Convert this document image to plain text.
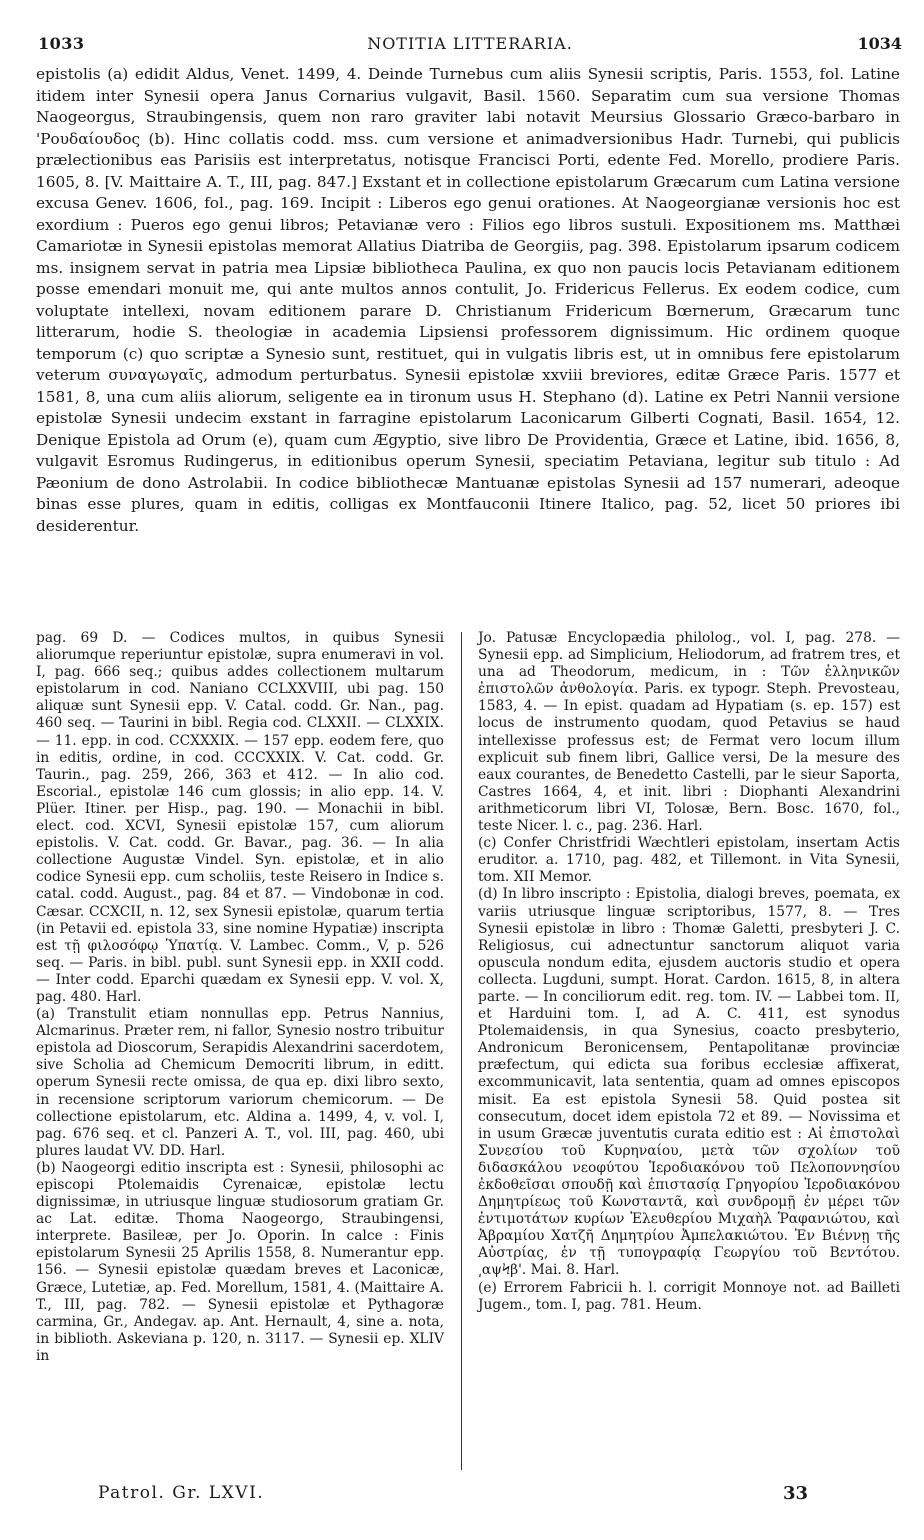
1033	NOTITIA LITTERARIA.	1034

epistolis (a) edidit Aldus, Venet. 1499, 4. Deinde Turnebus cum aliis Synesii scriptis, Paris. 1553, fol. Latine itidem inter Synesii opera Janus Cornarius vulgavit, Basil. 1560. Separatim cum sua versione Thomas Naogeorgus, Straubingensis, quem non raro graviter labi notavit Meursius Glossario Græco-barbaro in 'Ρουδαίουδος (b). Hinc collatis codd. mss. cum versione et animadversionibus Hadr. Turnebi, qui publicis prælectionibus eas Parisiis est interpretatus, notisque Francisci Porti, edente Fed. Morello, prodiere Paris. 1605, 8. [V. Maittaire A. T., III, pag. 847.] Exstant et in collectione epistolarum Græcarum cum Latina versione excusa Genev. 1606, fol., pag. 169. Incipit : Liberos ego genui orationes. At Naogeorgianæ versionis hoc est exordium : Pueros ego genui libros; Petavianæ vero : Filios ego libros sustuli. Expositionem ms. Matthæi Camariotæ in Synesii epistolas memorat Allatius Diatriba de Georgiis, pag. 398. Epistolarum ipsarum codicem ms. insignem servat in patria mea Lipsiæ bibliotheca Paulina, ex quo non paucis locis Petavianam editionem posse emendari monuit me, qui ante multos annos contulit, Jo. Fridericus Fellerus. Ex eodem codice, cum voluptate intellexi, novam editionem parare D. Christianum Fridericum Bœrnerum, Græcarum tunc litterarum, hodie S. theologiæ in academia Lipsiensi professorem dignissimum. Hic ordinem quoque temporum (c) quo scriptæ a Synesio sunt, restituet, qui in vulgatis libris est, ut in omnibus fere epistolarum veterum συναγωγαῖς, admodum perturbatus. Synesii epistolæ xxviii breviores, editæ Græce Paris. 1577 et 1581, 8, una cum aliis aliorum, seligente ea in tironum usus H. Stephano (d). Latine ex Petri Nannii versione epistolæ Synesii undecim exstant in farragine epistolarum Laconicarum Gilberti Cognati, Basil. 1654, 12. Denique Epistola ad Orum (e), quam cum Ægyptio, sive libro De Providentia, Græce et Latine, ibid. 1656, 8, vulgavit Esromus Rudingerus, in editionibus operum Synesii, speciatim Petaviana, legitur sub titulo : Ad Pæonium de dono Astrolabii. In codice bibliothecæ Mantuanæ epistolas Synesii ad 157 numerari, adeoque binas esse plures, quam in editis, colligas ex Montfauconii Itinere Italico, pag. 52, licet 50 priores ibi desiderentur.

pag. 69 D. — Codices multos, in quibus Synesii aliorumque reperiuntur epistolæ, supra enumeravi in vol. I, pag. 666 seq.; quibus addes collectionem multarum epistolarum in cod. Naniano CCLXXVIII, ubi pag. 150 aliquæ sunt Synesii epp. V. Catal. codd. Gr. Nan., pag. 460 seq. — Taurini in bibl. Regia cod. CLXXII. — CLXXIX. — 11. epp. in cod. CCXXXIX. — 157 epp. eodem fere, quo in editis, ordine, in cod. CCCXXIX. V. Cat. codd. Gr. Taurin., pag. 259, 266, 363 et 412. — In alio cod. Escorial., epistolæ 146 cum glossis; in alio epp. 14. V. Plüer. Itiner. per Hisp., pag. 190. — Monachii in bibl. elect. cod. XCVI, Synesii epistolæ 157, cum aliorum epistolis. V. Cat. codd. Gr. Bavar., pag. 36. — In alia collectione Augustæ Vindel. Syn. epistolæ, et in alio codice Synesii epp. cum scholiis, teste Reisero in Indice s. catal. codd. August., pag. 84 et 87. — Vindobonæ in cod. Cæsar. CCXCII, n. 12, sex Synesii epistolæ, quarum tertia (in Petavii ed. epistola 33, sine nomine Hypatiæ) inscripta est τῇ φιλοσόφῳ Ὑπατίᾳ. V. Lambec. Comm., V, p. 526 seq. — Paris. in bibl. publ. sunt Synesii epp. in XXII codd. — Inter codd. Eparchi quædam ex Synesii epp. V. vol. X, pag. 480. Harl.

(a) Transtulit etiam nonnullas epp. Petrus Nannius, Alcmarinus. Præter rem, ni fallor, Synesio nostro tribuitur epistola ad Dioscorum, Serapidis Alexandrini sacerdotem, sive Scholia ad Chemicum Democriti librum, in editt. operum Synesii recte omissa, de qua ep. dixi libro sexto, in recensione scriptorum variorum chemicorum. — De collectione epistolarum, etc. Aldina a. 1499, 4, v. vol. I, pag. 676 seq. et cl. Panzeri A. T., vol. III, pag. 460, ubi plures laudat VV. DD. Harl.

(b) Naogeorgi editio inscripta est : Synesii, philosophi ac episcopi Ptolemaidis Cyrenaicæ, epistolæ lectu dignissimæ, in utriusque linguæ studiosorum gratiam Gr. ac Lat. editæ. Thoma Naogeorgo, Straubingensi, interprete. Basileæ, per Jo. Oporin. In calce : Finis epistolarum Synesii 25 Aprilis 1558, 8. Numerantur epp. 156. — Synesii epistolæ quædam breves et Laconicæ, Græce, Lutetiæ, ap. Fed. Morellum, 1581, 4. (Maittaire A. T., III, pag. 782. — Synesii epistolæ et Pythagoræ carmina, Gr., Andegav. ap. Ant. Hernault, 4, sine a. nota, in biblioth. Askeviana p. 120, n. 3117. — Synesii ep. XLIV in

Jo. Patusæ Encyclopædia philolog., vol. I, pag. 278. — Synesii epp. ad Simplicium, Heliodorum, ad fratrem tres, et una ad Theodorum, medicum, in : Τῶν ἑλληνικῶν ἐπιστολῶν ἀνθολογία. Paris. ex typogr. Steph. Prevosteau, 1583, 4. — In epist. quadam ad Hypatiam (s. ep. 157) est locus de instrumento quodam, quod Petavius se haud intellexisse professus est; de Fermat vero locum illum explicuit sub finem libri, Gallice versi, De la mesure des eaux courantes, de Benedetto Castelli, par le sieur Saporta, Castres 1664, 4, et init. libri : Diophanti Alexandrini arithmeticorum libri VI, Tolosæ, Bern. Bosc. 1670, fol., teste Nicer. l. c., pag. 236. Harl.

(c) Confer Christfridi Wæchtleri epistolam, insertam Actis eruditor. a. 1710, pag. 482, et Tillemont. in Vita Synesii, tom. XII Memor.

(d) In libro inscripto : Epistolia, dialogi breves, poemata, ex variis utriusque linguæ scriptoribus, 1577, 8. — Tres Synesii epistolæ in libro : Thomæ Galetti, presbyteri J. C. Religiosus, cui adnectuntur sanctorum aliquot varia opuscula nondum edita, ejusdem auctoris studio et opera collecta. Lugduni, sumpt. Horat. Cardon. 1615, 8, in altera parte. — In conciliorum edit. reg. tom. IV. — Labbei tom. II, et Harduini tom. I, ad A. C. 411, est synodus Ptolemaidensis, in qua Synesius, coacto presbyterio, Andronicum Beronicensem, Pentapolitanæ provinciæ præfectum, qui edicta sua foribus ecclesiæ affixerat, excommunicavit, lata sententia, quam ad omnes episcopos misit. Ea est epistola Synesii 58. Quid postea sit consecutum, docet idem epistola 72 et 89. — Novissima et in usum Græcæ juventutis curata editio est : Αἱ ἐπιστολαὶ Συνεσίου τοῦ Κυρηναίου, μετὰ τῶν σχολίων τοῦ διδασκάλου νεοφύτου Ἱεροδιακόνου τοῦ Πελοποννησίου ἐκδοθεῖσαι σπουδῇ καὶ ἐπιστασίᾳ Γρηγορίου Ἱεροδιακόνου Δημητρίεως τοῦ Κωνσταντᾶ, καὶ συνδρομῇ ἐν μέρει τῶν ἐντιμοτάτων κυρίων Ἐλευθερίου Μιχαὴλ Ῥαφανιώτου, καὶ Ἀβραμίου Χατζῆ Δημητρίου Ἀμπελακιώτου. Ἐν Βιέννῃ τῆς Αὐστρίας, ἐν τῇ τυπογραφίᾳ Γεωργίου τοῦ Βεντότου. ͵αψϞβ'. Mai. 8. Harl.

(e) Errorem Fabricii h. l. corrigit Monnoye not. ad Bailleti Jugem., tom. I, pag. 781. Heum.

Patrol. Gr. LXVI.	33
